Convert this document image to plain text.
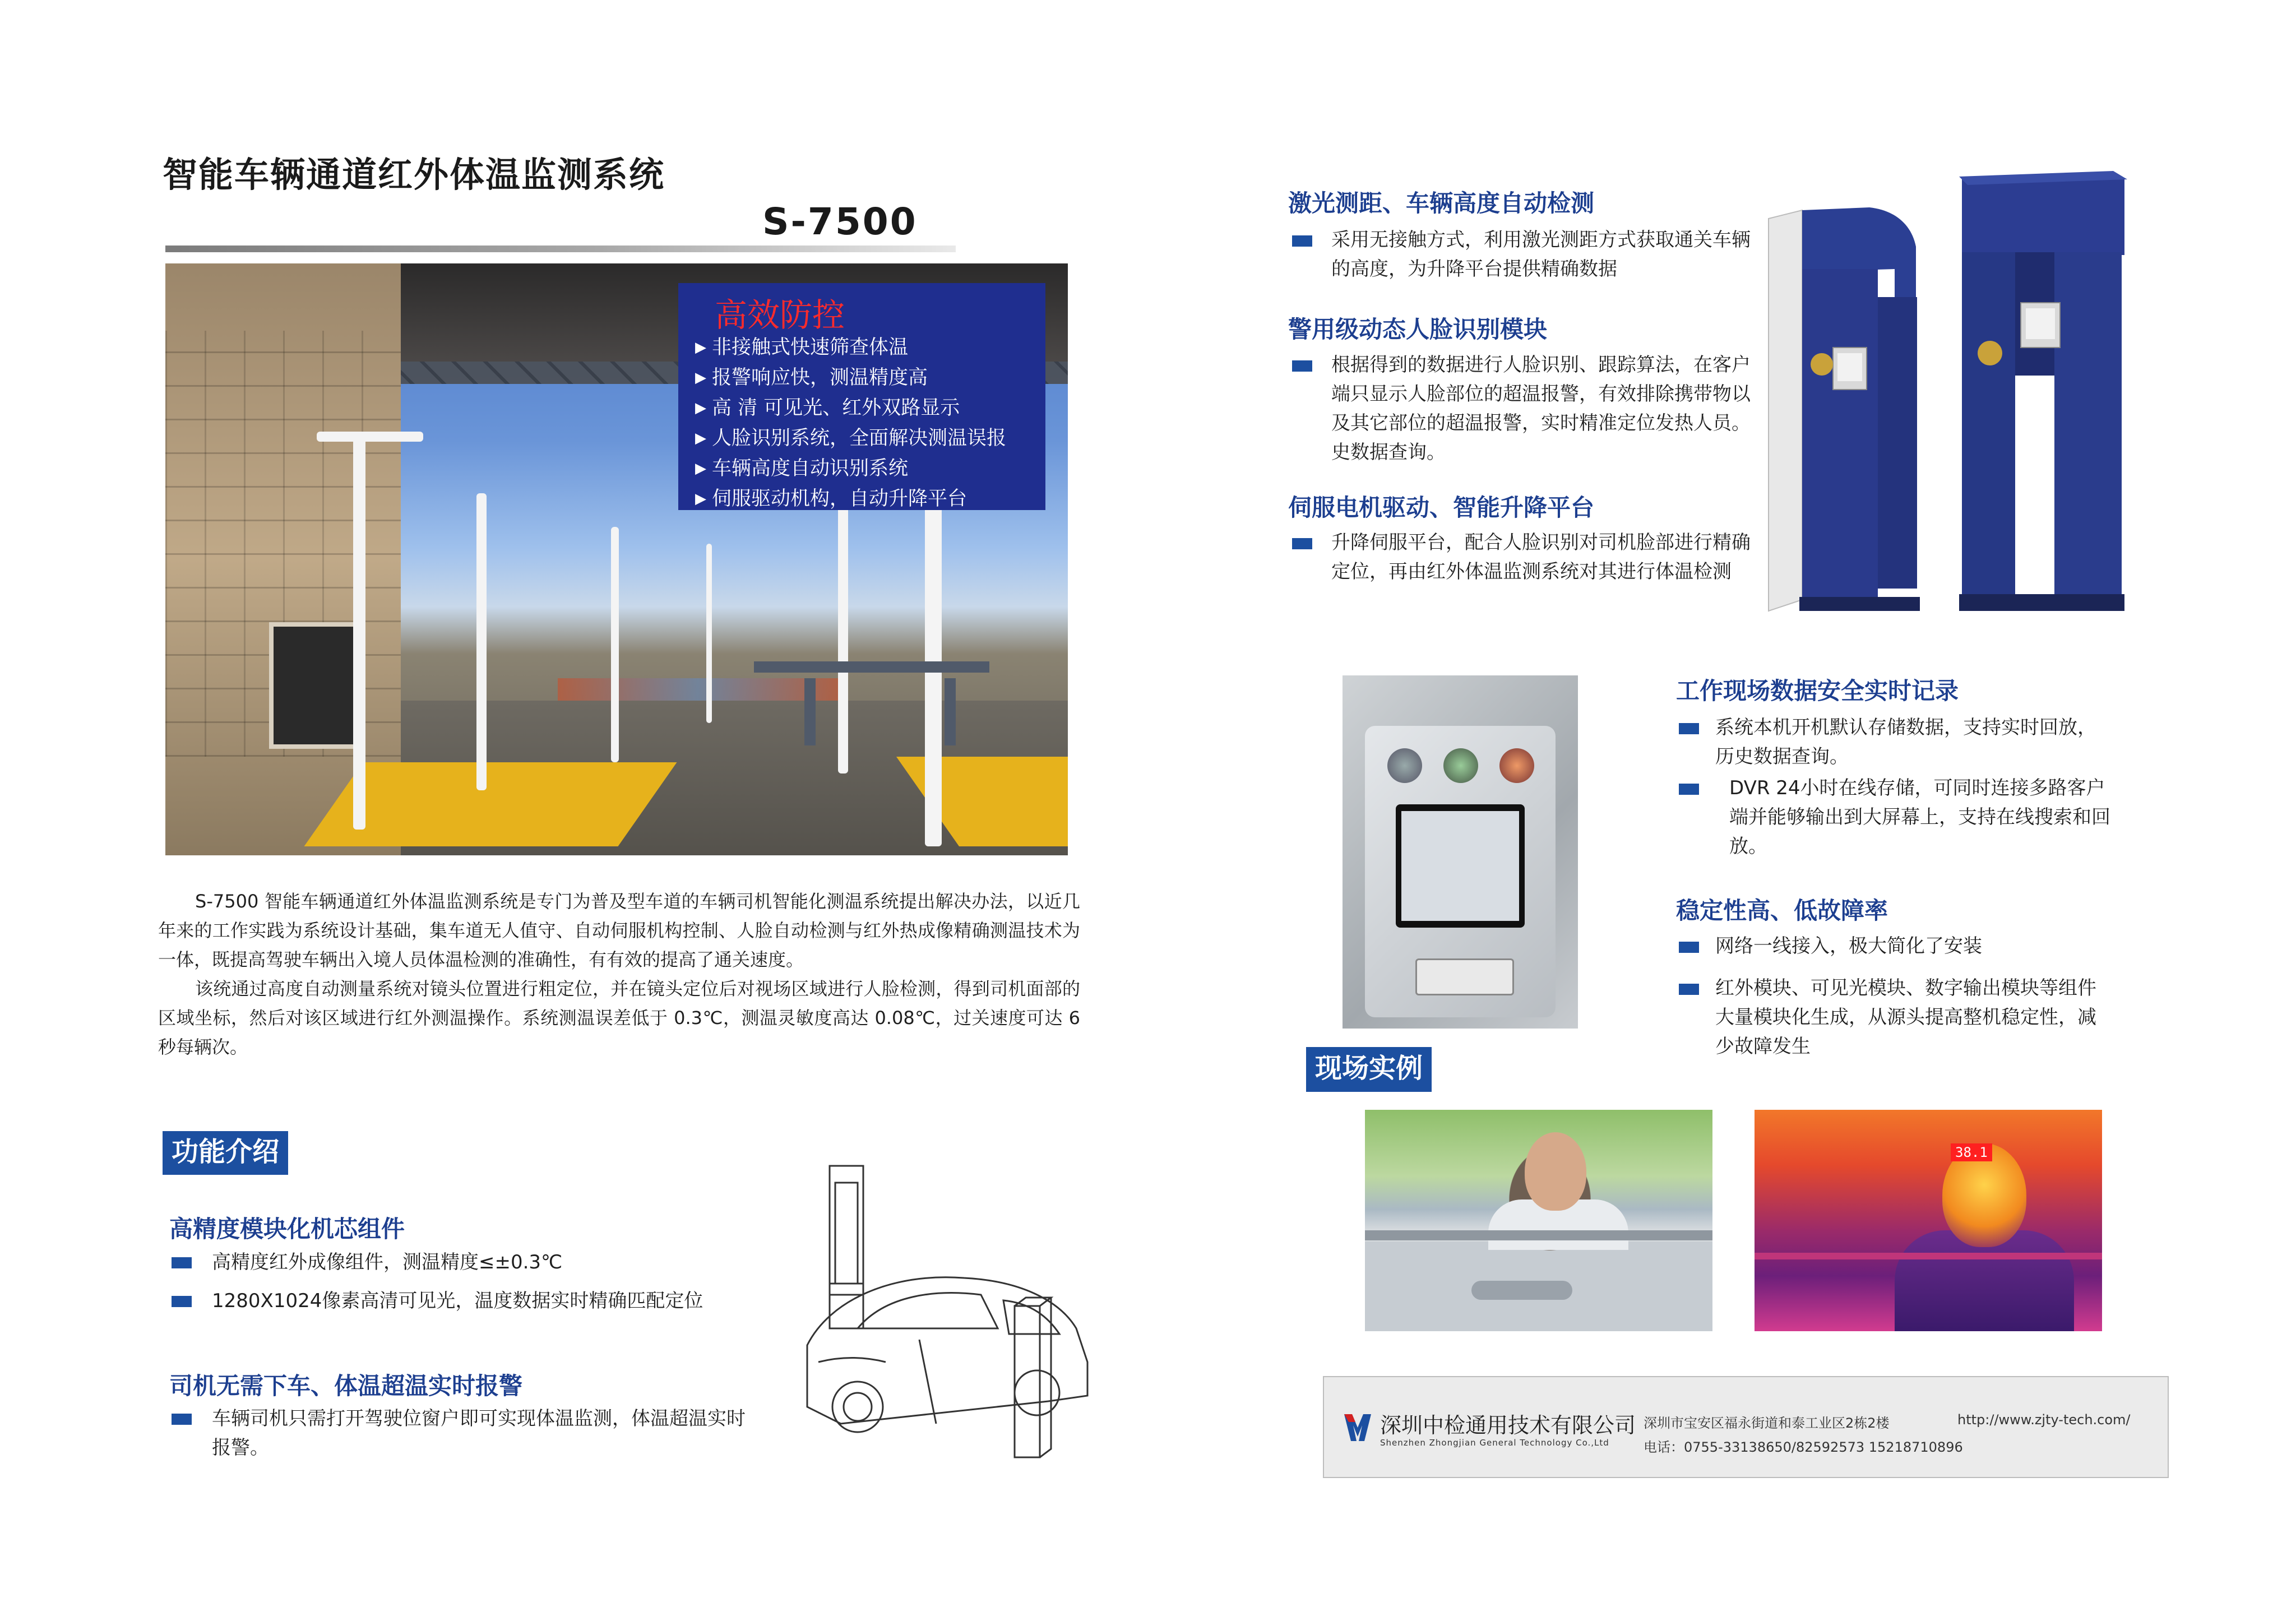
智能车辆通道红外体温监测系统
S-7500
高效防控
▶ 非接触式快速筛查体温
▶ 报警响应快，测温精度高
▶ 高 清 可见光、红外双路显示
▶ 人脸识别系统，全面解决测温误报
▶ 车辆高度自动识别系统
▶ 伺服驱动机构，自动升降平台

S-7500 智能车辆通道红外体温监测系统是专门为普及型车道的车辆司机智能化测温系统提出解决办法，以近几年来的工作实践为系统设计基础，集车道无人值守、自动伺服机构控制、人脸自动检测与红外热成像精确测温技术为一体，既提高驾驶车辆出入境人员体温检测的准确性，有有效的提高了通关速度。

该统通过高度自动测量系统对镜头位置进行粗定位，并在镜头定位后对视场区域进行人脸检测，得到司机面部的区域坐标，然后对该区域进行红外测温操作。系统测温误差低于 0.3℃，测温灵敏度高达 0.08℃，过关速度可达 6 秒每辆次。

功能介绍
高精度模块化机芯组件
高精度红外成像组件，测温精度≤±0.3℃
1280X1024像素高清可见光，温度数据实时精确匹配定位
司机无需下车、体温超温实时报警
车辆司机只需打开驾驶位窗户即可实现体温监测，体温超温实时报警。
激光测距、车辆高度自动检测
采用无接触方式，利用激光测距方式获取通关车辆的高度，为升降平台提供精确数据
警用级动态人脸识别模块
根据得到的数据进行人脸识别、跟踪算法，在客户端只显示人脸部位的超温报警，有效排除携带物以及其它部位的超温报警，实时精准定位发热人员。史数据查询。
伺服电机驱动、智能升降平台
升降伺服平台，配合人脸识别对司机脸部进行精确定位，再由红外体温监测系统对其进行体温检测
工作现场数据安全实时记录
系统本机开机默认存储数据，支持实时回放，历史数据查询。
DVR 24小时在线存储，可同时连接多路客户端并能够输出到大屏幕上，支持在线搜索和回放。
稳定性高、低故障率
网络一线接入，极大简化了安装
红外模块、可见光模块、数字输出模块等组件大量模块化生成，从源头提高整机稳定性，减少故障发生
现场实例
38.1
深圳中检通用技术有限公司
Shenzhen Zhongjian General Technology Co.,Ltd
深圳市宝安区福永街道和泰工业区2栋2楼
电话：0755-33138650/82592573 15218710896
http://www.zjty-tech.com/
